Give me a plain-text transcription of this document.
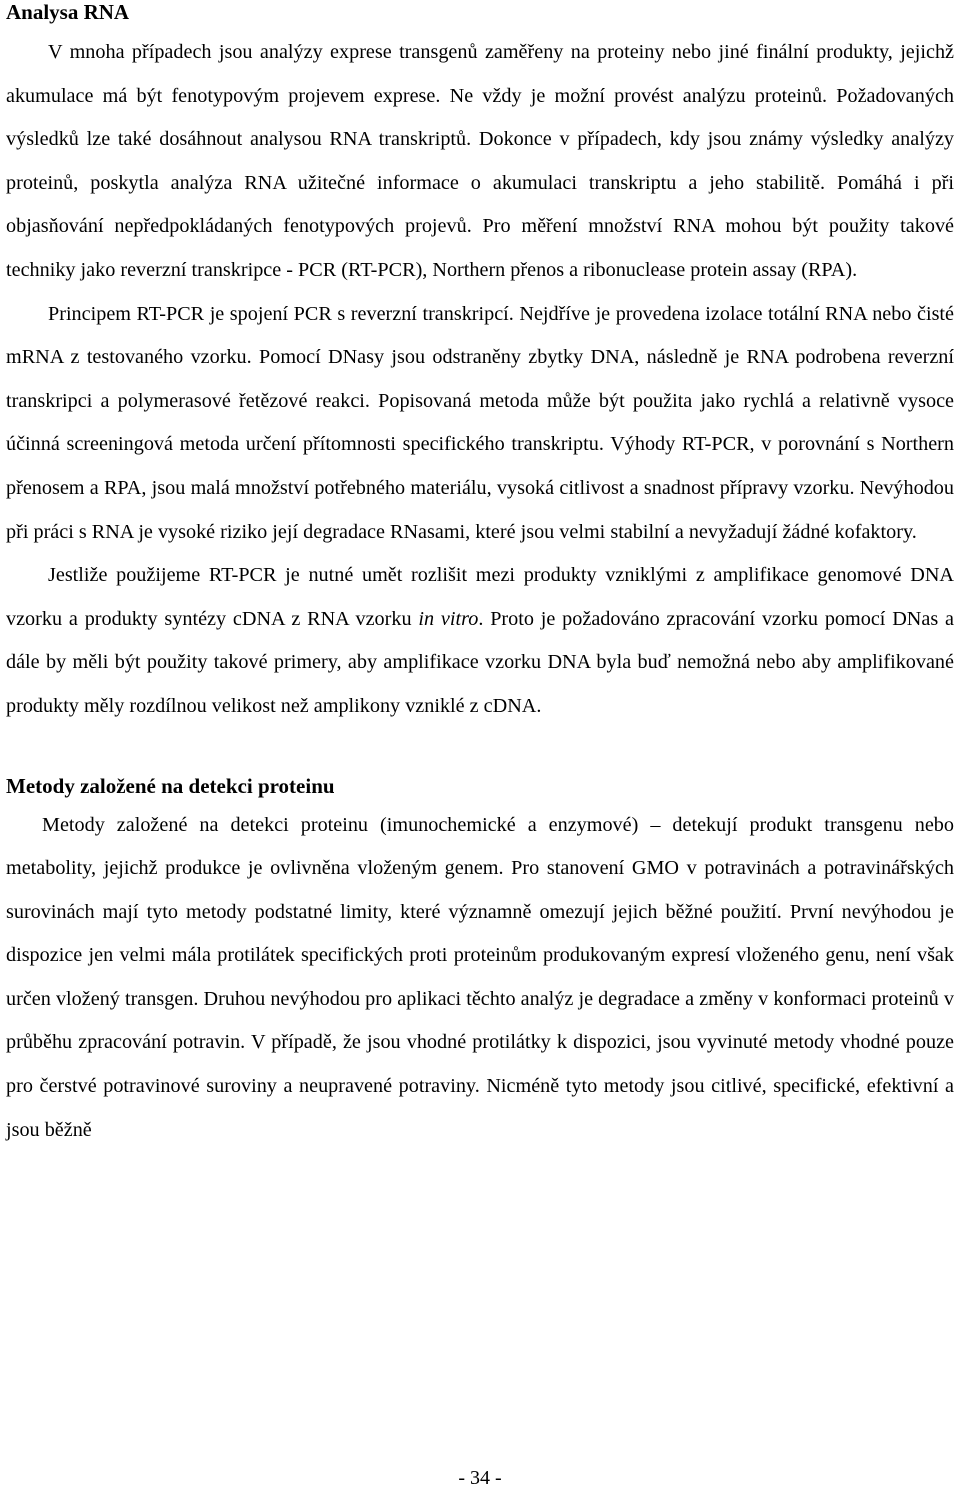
Analysa RNA

V mnoha případech jsou analýzy exprese transgenů zaměřeny na proteiny nebo jiné finální produkty, jejichž akumulace má být fenotypovým projevem exprese. Ne vždy je možní provést analýzu proteinů. Požadovaných výsledků lze také dosáhnout analysou RNA transkriptů. Dokonce v případech, kdy jsou známy výsledky analýzy proteinů, poskytla analýza RNA užitečné informace o akumulaci transkriptu a jeho stabilitě. Pomáhá i při objasňování nepředpokládaných fenotypových projevů. Pro měření množství RNA mohou být použity takové techniky jako reverzní transkripce - PCR (RT-PCR), Northern přenos a ribonuclease protein assay (RPA).

Principem RT-PCR je spojení PCR s reverzní transkripcí. Nejdříve je provedena izolace totální RNA nebo čisté mRNA z testovaného vzorku. Pomocí DNasy jsou odstraněny zbytky DNA, následně je RNA podrobena reverzní transkripci a polymerasové řetězové reakci. Popisovaná metoda může být použita jako rychlá a relativně vysoce účinná screeningová metoda určení přítomnosti specifického transkriptu. Výhody RT-PCR, v porovnání s Northern přenosem a RPA, jsou malá množství potřebného materiálu, vysoká citlivost a snadnost přípravy vzorku. Nevýhodou při práci s RNA je vysoké riziko její degradace RNasami, které jsou velmi stabilní a nevyžadují žádné kofaktory.

Jestliže použijeme RT-PCR je nutné umět rozlišit mezi produkty vzniklými z amplifikace genomové DNA vzorku a produkty syntézy cDNA z RNA vzorku in vitro. Proto je požadováno zpracování vzorku pomocí DNas a dále by měli být použity takové primery, aby amplifikace vzorku DNA byla buď nemožná nebo aby amplifikované produkty měly rozdílnou velikost než amplikony vzniklé z cDNA.

Metody založené na detekci proteinu

Metody založené na detekci proteinu (imunochemické a enzymové) – detekují produkt transgenu nebo metabolity, jejichž produkce je ovlivněna vloženým genem. Pro stanovení GMO v potravinách a potravinářských surovinách mají tyto metody podstatné limity, které významně omezují jejich běžné použití. První nevýhodou je dispozice jen velmi mála protilátek specifických proti proteinům produkovaným expresí vloženého genu, není však určen vložený transgen. Druhou nevýhodou pro aplikaci těchto analýz je degradace a změny v konformaci proteinů v průběhu zpracování potravin. V případě, že jsou vhodné protilátky k dispozici, jsou vyvinuté metody vhodné pouze pro čerstvé potravinové suroviny a neupravené potraviny. Nicméně tyto metody jsou citlivé, specifické, efektivní a jsou běžně

- 34 -
